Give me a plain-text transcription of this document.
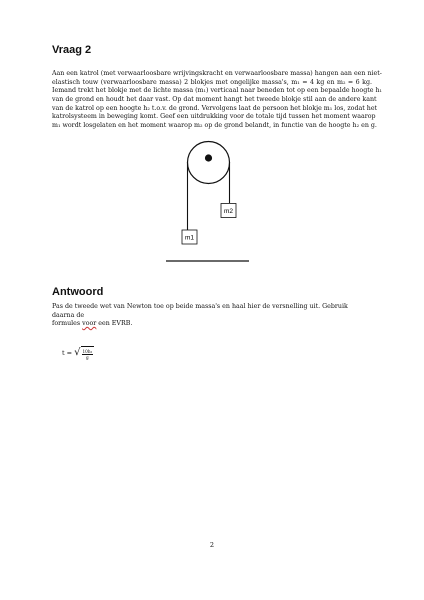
Vraag 2
Aan een katrol (met verwaarloosbare wrijvingskracht en verwaarloosbare massa) hangen aan een niet-
elastisch touw (verwaarloosbare massa) 2 blokjes met ongelijke massa's, m₁ = 4 kg en m₂ = 6 kg.
Iemand trekt het blokje met de lichte massa (m₁) verticaal naar beneden tot op een bepaalde hoogte h₁
van de grond en houdt het daar vast. Op dat moment hangt het tweede blokje stil aan de andere kant
van de katrol op een hoogte h₂ t.o.v. de grond. Vervolgens laat de persoon het blokje m₁ los, zodat het
katrolsysteem in beweging komt. Geef een uitdrukking voor de totale tijd tussen het moment waarop
m₁ wordt losgelaten en het moment waarop m₂ op de grond belandt, in functie van de hoogte h₂ en g.
m2
m1
Antwoord
Pas de tweede wet van Newton toe op beide massa's en haal hier de versnelling uit. Gebruik daarna de
formules voor een EVRB.
t = √ $\frac{\text{10h₂}}{g}$
2
